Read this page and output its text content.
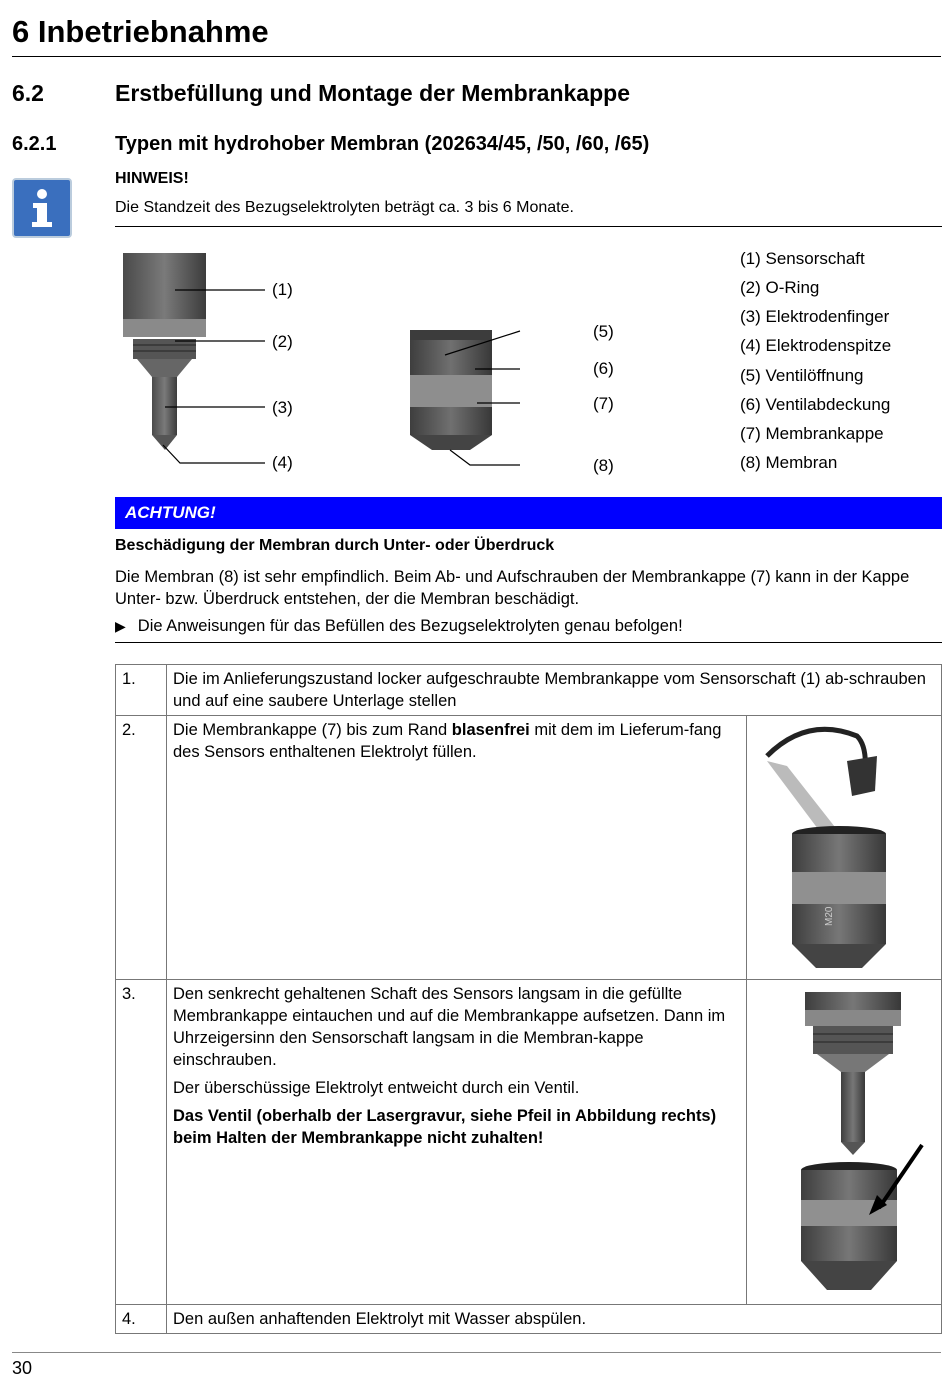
6 Inbetriebnahme
6.2	Erstbefüllung und Montage der Membrankappe
6.2.1	Typen mit hydrohober Membran (202634/45, /50, /60, /65)
HINWEIS!
Die Standzeit des Bezugselektrolyten beträgt ca. 3 bis 6 Monate.
(1)
(2)
(3)
(4)
(5)
(6)
(7)
(8)
(1) Sensorschaft
(2) O-Ring
(3) Elektrodenfinger
(4) Elektrodenspitze
(5) Ventilöffnung
(6) Ventilabdeckung
(7) Membrankappe
(8) Membran
ACHTUNG!
Beschädigung der Membran durch Unter- oder Überdruck
Die Membran (8) ist sehr empfindlich. Beim Ab- und Aufschrauben der Membrankappe (7) kann in der Kappe Unter- bzw. Überdruck entstehen, der die Membran beschädigt.
▶ Die Anweisungen für das Befüllen des Bezugselektrolyten genau befolgen!
1.	Die im Anlieferungszustand locker aufgeschraubte Membrankappe vom Sensorschaft (1) ab-schrauben und auf eine saubere Unterlage stellen	
2.	Die Membrankappe (7) bis zum Rand blasenfrei mit dem im Lieferum-fang des Sensors enthaltenen Elektrolyt füllen.	M20

3.	Den senkrecht gehaltenen Schaft des Sensors langsam in die gefüllte Membrankappe eintauchen und auf die Membrankappe aufsetzen. Dann im Uhrzeigersinn den Sensorschaft langsam in die Membran-kappe einschrauben.

Der überschüssige Elektrolyt entweicht durch ein Ventil.

Das Ventil (oberhalb der Lasergravur, siehe Pfeil in Abbildung rechts) beim Halten der Membrankappe nicht zuhalten!

4.	Den außen anhaftenden Elektrolyt mit Wasser abspülen.	
30
